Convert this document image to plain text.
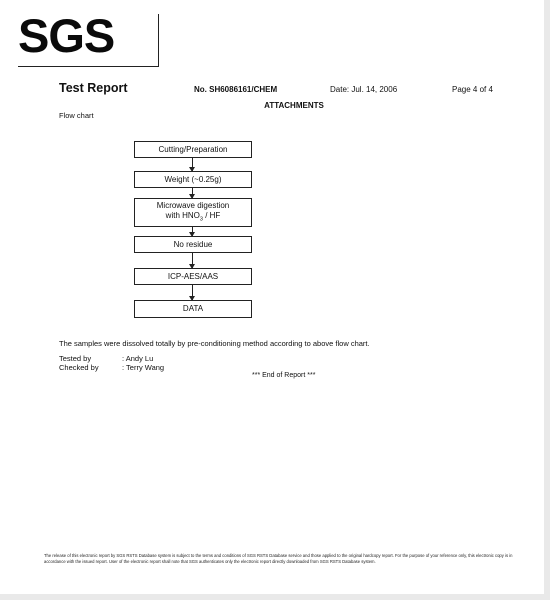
SGS
Test Report	No. SH6086161/CHEM	Date: Jul. 14, 2006	Page 4 of 4
ATTACHMENTS
Flow chart
Cutting/Preparation
Weight (~0.25g)
Microwave digestion
with $HNO_3$ / HF
No residue
ICP-AES/AAS
DATA
The samples were dissolved totally by pre-conditioning method according to above flow chart.
Tested by	: Andy Lu
Checked by	: Terry Wang
*** End of Report ***
The release of this electronic report by SGS RSTS Database system is subject to the terms and conditions of SGS RSTS Database service and those applied to the original hardcopy report. For the purpose of your reference only, this electronic copy is in accordance with the issued report. User of the electronic report shall note that SGS authenticates only the electronic report directly downloaded from SGS RSTS Database system.
